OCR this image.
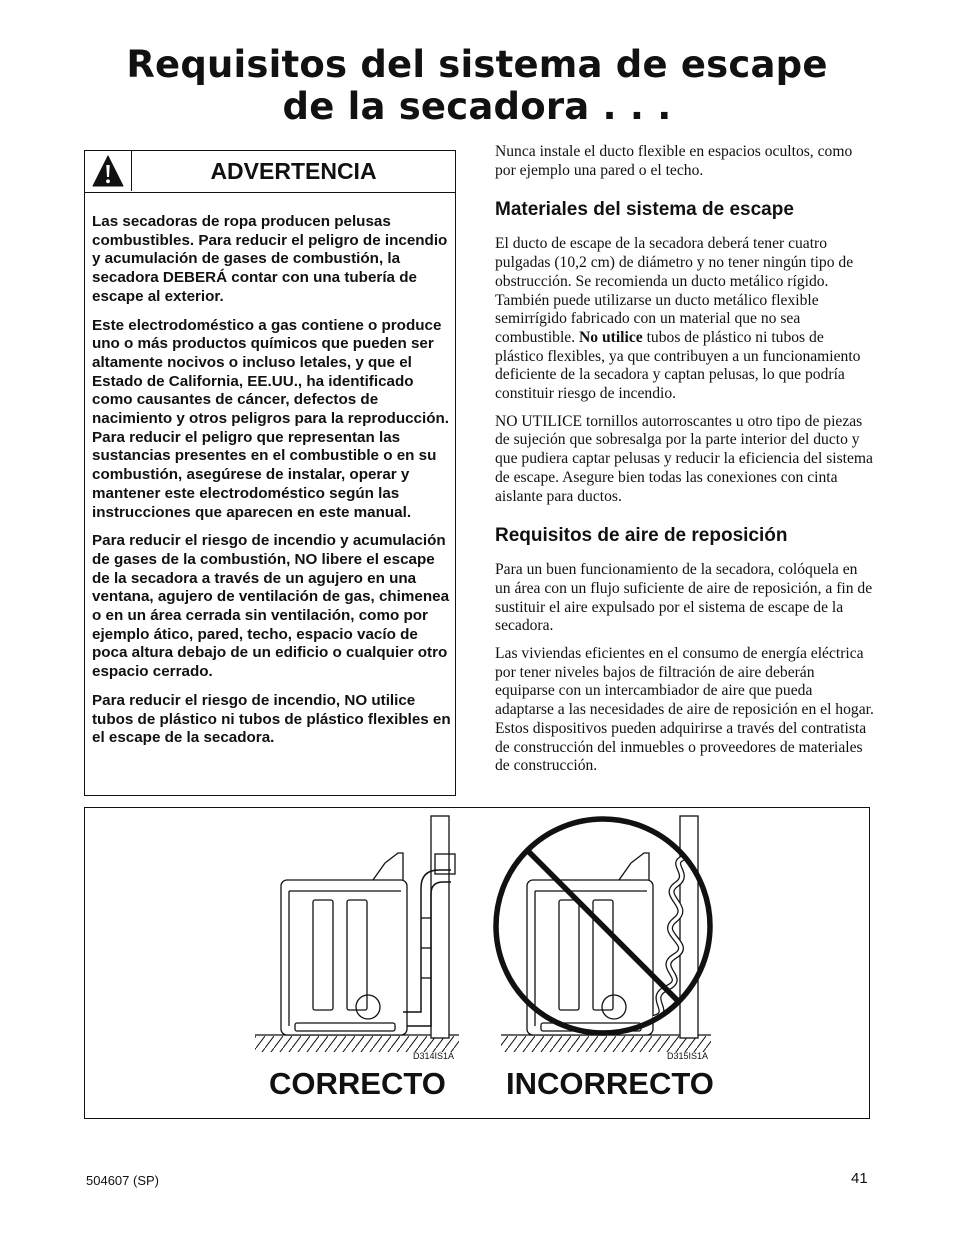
Requisitos del sistema de escape
de la secadora . . .
ADVERTENCIA

Las secadoras de ropa producen pelusas combustibles. Para reducir el peligro de incendio y acumulación de gases de combustión, la secadora DEBERÁ contar con una tubería de escape al exterior.

Este electrodoméstico a gas contiene o produce uno o más productos químicos que pueden ser altamente nocivos o incluso letales, y que el Estado de California, EE.UU., ha identificado como causantes de cáncer, defectos de nacimiento y otros peligros para la reproducción. Para reducir el peligro que representan las sustancias presentes en el combustible o en su combustión, asegúrese de instalar, operar y mantener este electrodoméstico según las instrucciones que aparecen en este manual.

Para reducir el riesgo de incendio y acumulación de gases de la combustión, NO libere el escape de la secadora a través de un agujero en una ventana, agujero de ventilación de gas, chimenea o en un área cerrada sin ventilación, como por ejemplo ático, pared, techo, espacio vacío de poca altura debajo de un edificio o cualquier otro espacio cerrado.

Para reducir el riesgo de incendio, NO utilice tubos de plástico ni tubos de plástico flexibles en el escape de la secadora.

Nunca instale el ducto flexible en espacios ocultos, como por ejemplo una pared o el techo.

Materiales del sistema de escape

El ducto de escape de la secadora deberá tener cuatro pulgadas (10,2 cm) de diámetro y no tener ningún tipo de obstrucción. Se recomienda un ducto metálico rígido. También puede utilizarse un ducto metálico flexible semirrígido fabricado con un material que no sea combustible. No utilice tubos de plástico ni tubos de plástico flexibles, ya que contribuyen a un funcionamiento deficiente de la secadora y captan pelusas, lo que podría constituir riesgo de incendio.

NO UTILICE tornillos autorroscantes u otro tipo de piezas de sujeción que sobresalga por la parte interior del ducto y que pudiera captar pelusas y reducir la eficiencia del sistema de escape. Asegure bien todas las conexiones con cinta aislante para ductos.

Requisitos de aire de reposición

Para un buen funcionamiento de la secadora, colóquela en un área con un flujo suficiente de aire de reposición, a fin de sustituir el aire expulsado por el sistema de escape de la secadora.

Las viviendas eficientes en el consumo de energía eléctrica por tener niveles bajos de filtración de aire deberán equiparse con un intercambiador de aire que pueda adaptarse a las necesidades de aire de reposición en el hogar. Estos dispositivos pueden adquirirse a través del contratista de construcción del inmuebles o proveedores de materiales de construcción.

D314IS1A	D315IS1A
CORRECTO INCORRECTO
504607 (SP)	41
